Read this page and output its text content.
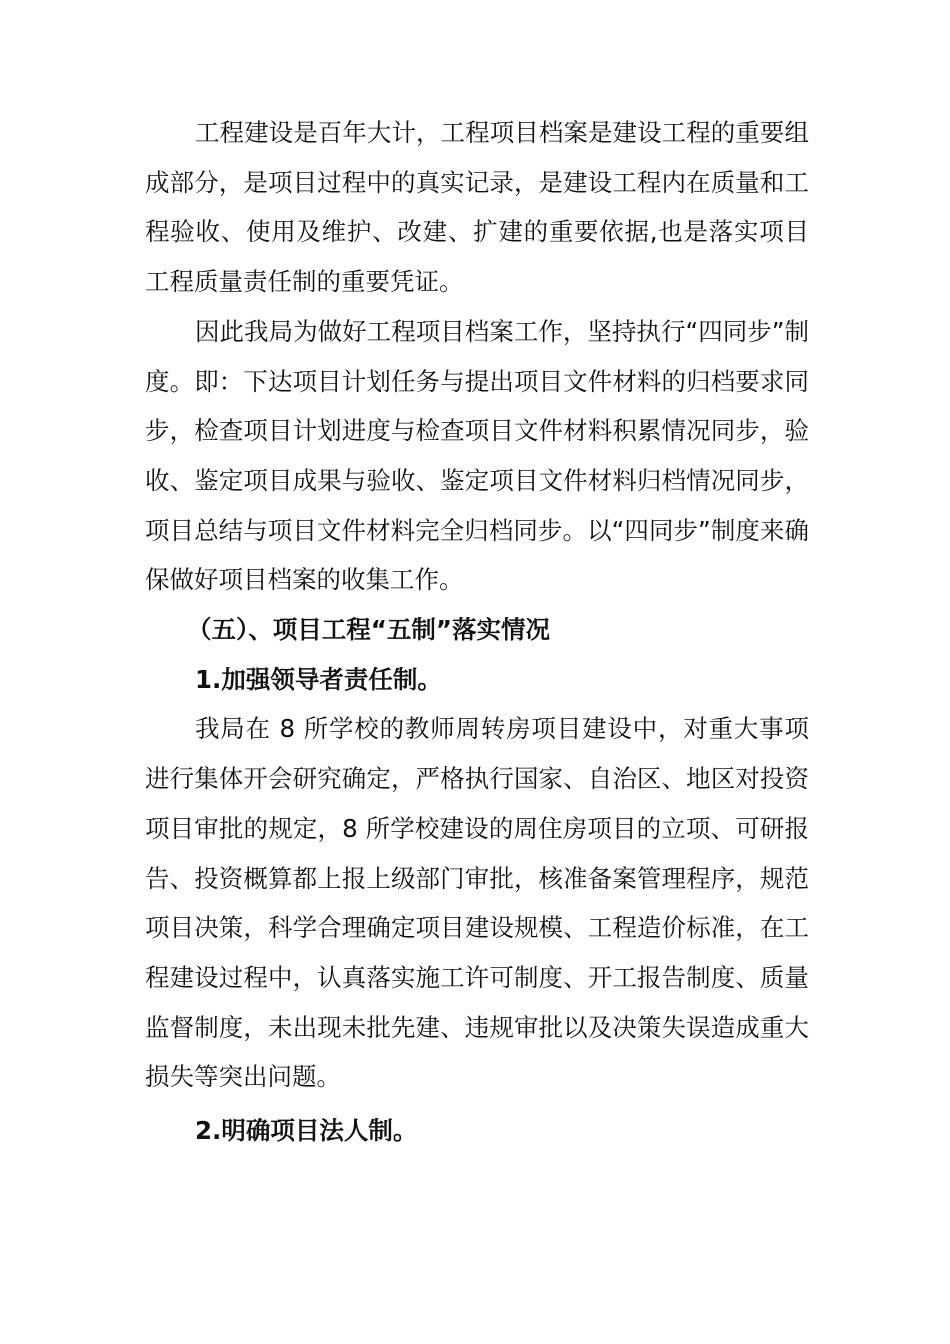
工程建设是百年大计，工程项目档案是建设工程的重要组成部分，是项目过程中的真实记录，是建设工程内在质量和工程验收、使用及维护、改建、扩建的重要依据,也是落实项目工程质量责任制的重要凭证。

因此我局为做好工程项目档案工作，坚持执行“四同步”制度。即：下达项目计划任务与提出项目文件材料的归档要求同步，检查项目计划进度与检查项目文件材料积累情况同步，验收、鉴定项目成果与验收、鉴定项目文件材料归档情况同步，项目总结与项目文件材料完全归档同步。以“四同步”制度来确保做好项目档案的收集工作。

（五）、项目工程“五制”落实情况

1.加强领导者责任制。

我局在 8 所学校的教师周转房项目建设中，对重大事项进行集体开会研究确定，严格执行国家、自治区、地区对投资项目审批的规定，8 所学校建设的周住房项目的立项、可研报告、投资概算都上报上级部门审批，核准备案管理程序，规范项目决策，科学合理确定项目建设规模、工程造价标准，在工程建设过程中，认真落实施工许可制度、开工报告制度、质量监督制度，未出现未批先建、违规审批以及决策失误造成重大损失等突出问题。

2.明确项目法人制。
